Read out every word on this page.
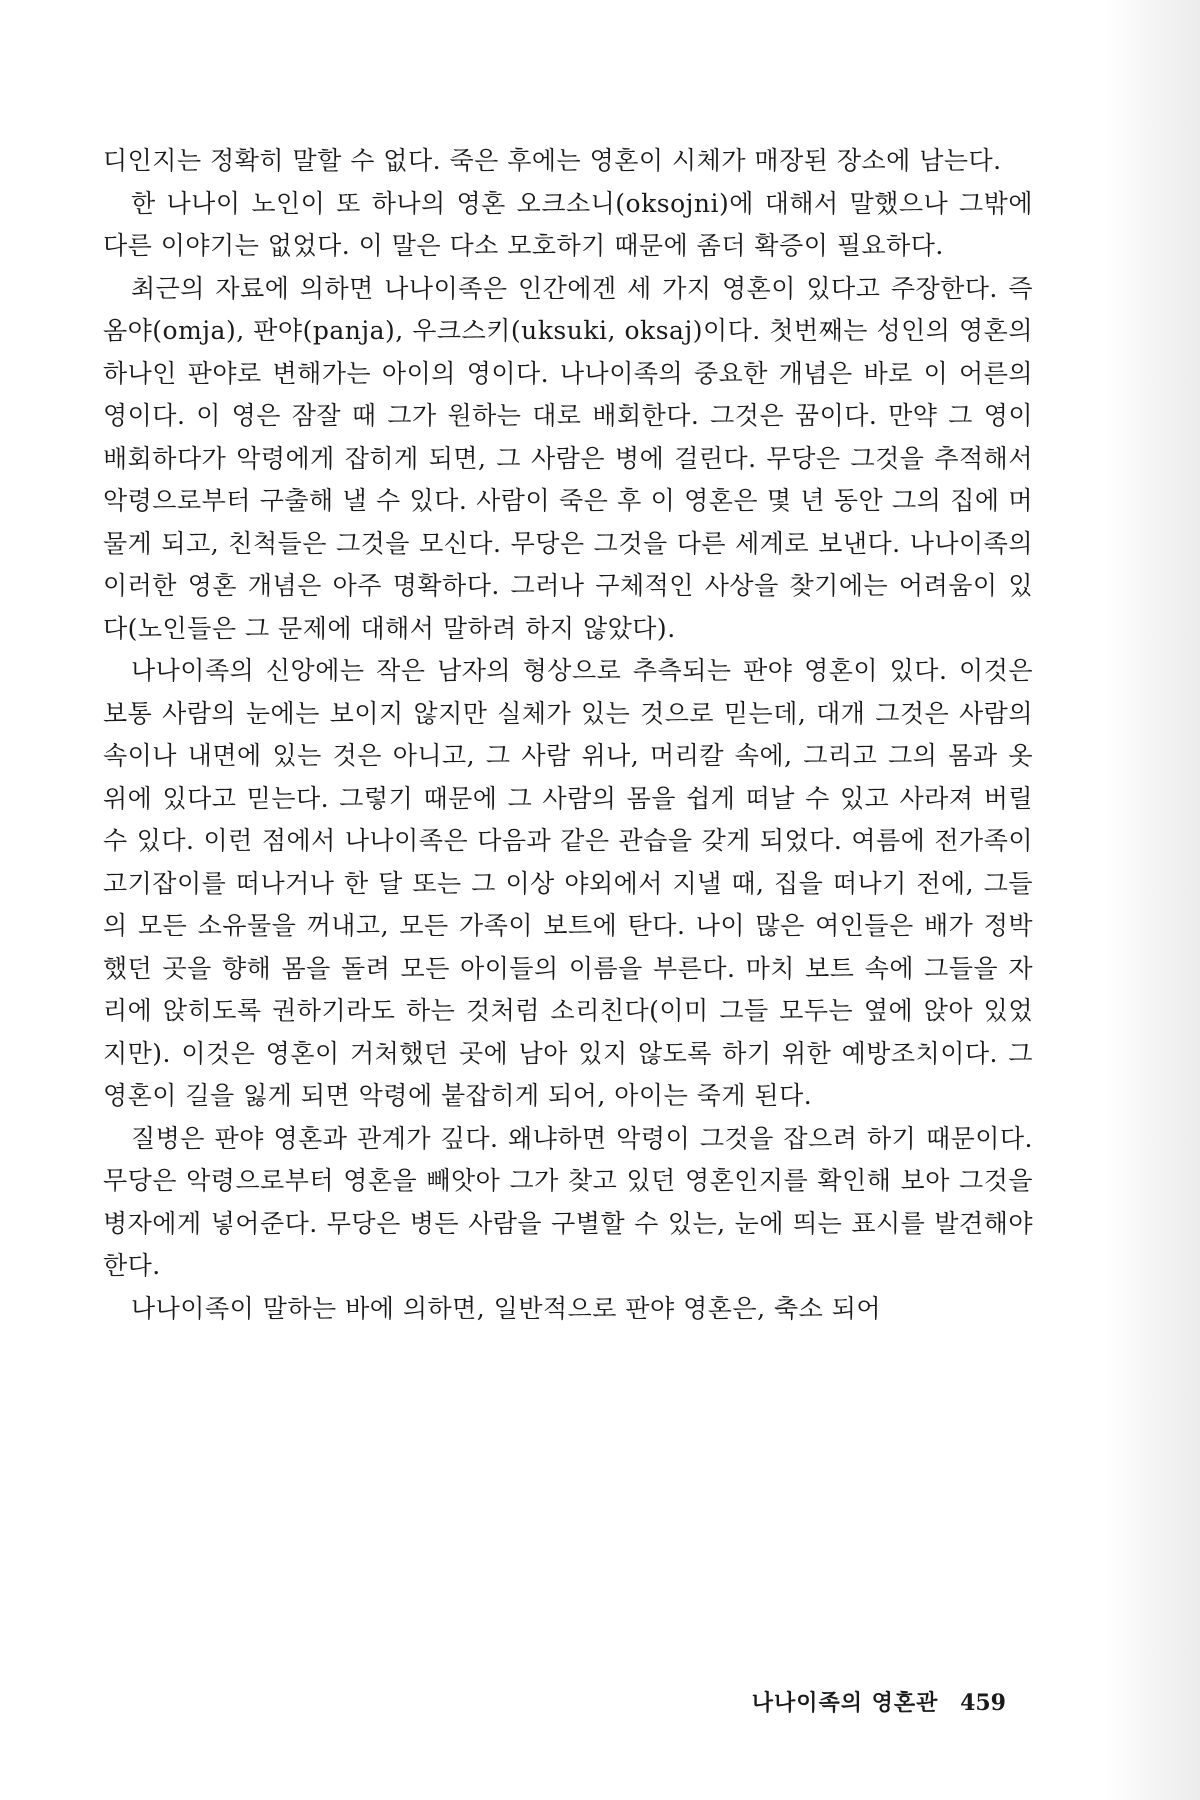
디인지는 정확히 말할 수 없다. 죽은 후에는 영혼이 시체가 매장된 장소에 남는다.

한 나나이 노인이 또 하나의 영혼 오크소니(oksojni)에 대해서 말했으나 그밖에 다른 이야기는 없었다. 이 말은 다소 모호하기 때문에 좀더 확증이 필요하다.

최근의 자료에 의하면 나나이족은 인간에겐 세 가지 영혼이 있다고 주장한다. 즉 옴야(omja), 판야(panja), 우크스키(uksuki, oksaj)이다. 첫번째는 성인의 영혼의 하나인 판야로 변해가는 아이의 영이다. 나나이족의 중요한 개념은 바로 이 어른의 영이다. 이 영은 잠잘 때 그가 원하는 대로 배회한다. 그것은 꿈이다. 만약 그 영이 배회하다가 악령에게 잡히게 되면, 그 사람은 병에 걸린다. 무당은 그것을 추적해서 악령으로부터 구출해 낼 수 있다. 사람이 죽은 후 이 영혼은 몇 년 동안 그의 집에 머물게 되고, 친척들은 그것을 모신다. 무당은 그것을 다른 세계로 보낸다. 나나이족의 이러한 영혼 개념은 아주 명확하다. 그러나 구체적인 사상을 찾기에는 어려움이 있다(노인들은 그 문제에 대해서 말하려 하지 않았다).

나나이족의 신앙에는 작은 남자의 형상으로 추측되는 판야 영혼이 있다. 이것은 보통 사람의 눈에는 보이지 않지만 실체가 있는 것으로 믿는데, 대개 그것은 사람의 속이나 내면에 있는 것은 아니고, 그 사람 위나, 머리칼 속에, 그리고 그의 몸과 옷 위에 있다고 믿는다. 그렇기 때문에 그 사람의 몸을 쉽게 떠날 수 있고 사라져 버릴 수 있다. 이런 점에서 나나이족은 다음과 같은 관습을 갖게 되었다. 여름에 전가족이 고기잡이를 떠나거나 한 달 또는 그 이상 야외에서 지낼 때, 집을 떠나기 전에, 그들의 모든 소유물을 꺼내고, 모든 가족이 보트에 탄다. 나이 많은 여인들은 배가 정박했던 곳을 향해 몸을 돌려 모든 아이들의 이름을 부른다. 마치 보트 속에 그들을 자리에 앉히도록 권하기라도 하는 것처럼 소리친다(이미 그들 모두는 옆에 앉아 있었지만). 이것은 영혼이 거처했던 곳에 남아 있지 않도록 하기 위한 예방조치이다. 그 영혼이 길을 잃게 되면 악령에 붙잡히게 되어, 아이는 죽게 된다.

질병은 판야 영혼과 관계가 깊다. 왜냐하면 악령이 그것을 잡으려 하기 때문이다. 무당은 악령으로부터 영혼을 빼앗아 그가 찾고 있던 영혼인지를 확인해 보아 그것을 병자에게 넣어준다. 무당은 병든 사람을 구별할 수 있는, 눈에 띄는 표시를 발견해야 한다.

나나이족이 말하는 바에 의하면, 일반적으로 판야 영혼은, 축소 되어

나나이족의 영혼관 459
